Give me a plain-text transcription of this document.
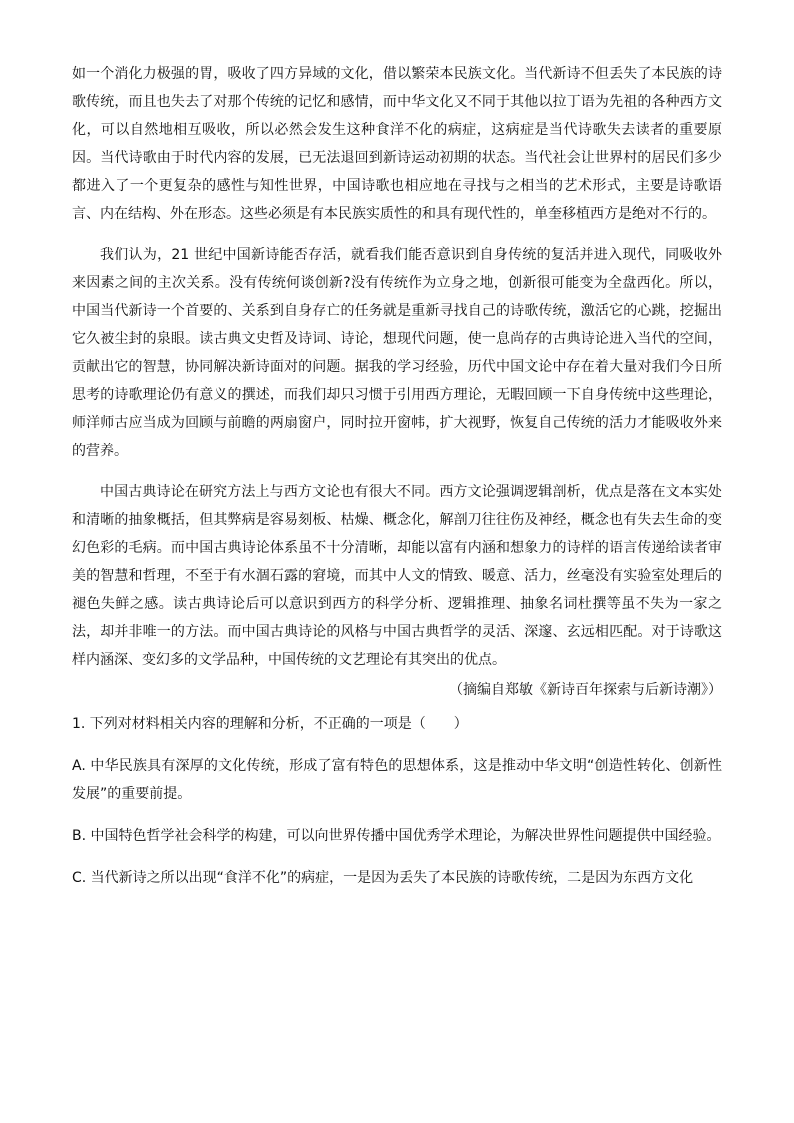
如一个消化力极强的胃，吸收了四方异域的文化，借以繁荣本民族文化。当代新诗不但丢失了本民族的诗歌传统，而且也失去了对那个传统的记忆和感情，而中华文化又不同于其他以拉丁语为先祖的各种西方文化，可以自然地相互吸收，所以必然会发生这种食洋不化的病症，这病症是当代诗歌失去读者的重要原因。当代诗歌由于时代内容的发展，已无法退回到新诗运动初期的状态。当代社会让世界村的居民们多少都进入了一个更复杂的感性与知性世界，中国诗歌也相应地在寻找与之相当的艺术形式，主要是诗歌语言、内在结构、外在形态。这些必须是有本民族实质性的和具有现代性的，单奎移植西方是绝对不行的。

我们认为，21 世纪中国新诗能否存活，就看我们能否意识到自身传统的复活并进入现代，同吸收外来因素之间的主次关系。没有传统何谈创新?没有传统作为立身之地，创新很可能变为全盘西化。所以，中国当代新诗一个首要的、关系到自身存亡的任务就是重新寻找自己的诗歌传统，激活它的心跳，挖掘出它久被尘封的泉眼。读古典文史哲及诗词、诗论，想现代问题，使一息尚存的古典诗论进入当代的空间，贡献出它的智慧，协同解决新诗面对的问题。据我的学习经验，历代中国文论中存在着大量对我们今日所思考的诗歌理论仍有意义的撰述，而我们却只习惯于引用西方理论，无暇回顾一下自身传统中这些理论，师洋师古应当成为回顾与前瞻的两扇窗户，同时拉开窗帏，扩大视野，恢复自己传统的活力才能吸收外来的营养。

中国古典诗论在研究方法上与西方文论也有很大不同。西方文论强调逻辑剖析，优点是落在文本实处和清晰的抽象概括，但其弊病是容易刻板、枯燥、概念化，解剖刀往往伤及神经，概念也有失去生命的变幻色彩的毛病。而中国古典诗论体系虽不十分清晰，却能以富有内涵和想象力的诗样的语言传递给读者审美的智慧和哲理，不至于有水涸石露的窘境，而其中人文的情致、暖意、活力，丝毫没有实验室处理后的褪色失鲜之感。读古典诗论后可以意识到西方的科学分析、逻辑推理、抽象名词杜撰等虽不失为一家之法，却并非唯一的方法。而中国古典诗论的风格与中国古典哲学的灵活、深邃、玄远相匹配。对于诗歌这样内涵深、变幻多的文学品种，中国传统的文艺理论有其突出的优点。

（摘编自郑敏《新诗百年探索与后新诗潮》）

1. 下列对材料相关内容的理解和分析，不正确的一项是（　　）

A. 中华民族具有深厚的文化传统，形成了富有特色的思想体系，这是推动中华文明“创造性转化、创新性发展”的重要前提。

B. 中国特色哲学社会科学的构建，可以向世界传播中国优秀学术理论，为解决世界性问题提供中国经验。

C. 当代新诗之所以出现“食洋不化”的病症，一是因为丢失了本民族的诗歌传统，二是因为东西方文化
